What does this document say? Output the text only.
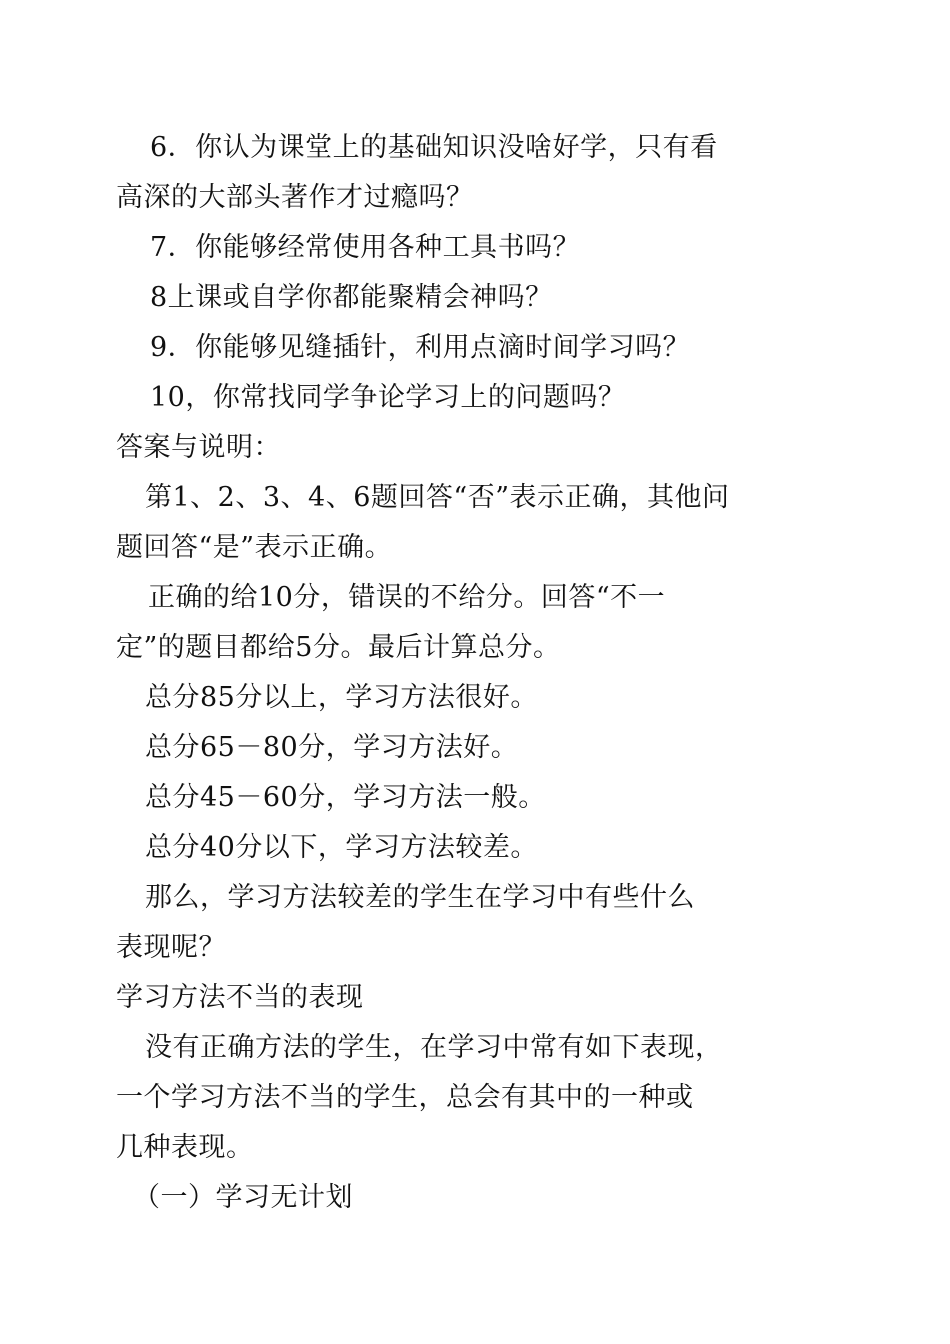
6．你认为课堂上的基础知识没啥好学，只有看
高深的大部头著作才过瘾吗？
7．你能够经常使用各种工具书吗？
8上课或自学你都能聚精会神吗？
9．你能够见缝插针，利用点滴时间学习吗？
10，你常找同学争论学习上的问题吗？
答案与说明：
第1、2、3、4、6题回答“否”表示正确，其他问
题回答“是”表示正确。
正确的给10分，错误的不给分。回答“不一
定”的题目都给5分。最后计算总分。
总分85分以上，学习方法很好。
总分65－80分，学习方法好。
总分45－60分，学习方法一般。
总分40分以下，学习方法较差。
那么，学习方法较差的学生在学习中有些什么
表现呢？
学习方法不当的表现
没有正确方法的学生，在学习中常有如下表现，
一个学习方法不当的学生，总会有其中的一种或
几种表现。
（一）学习无计划
